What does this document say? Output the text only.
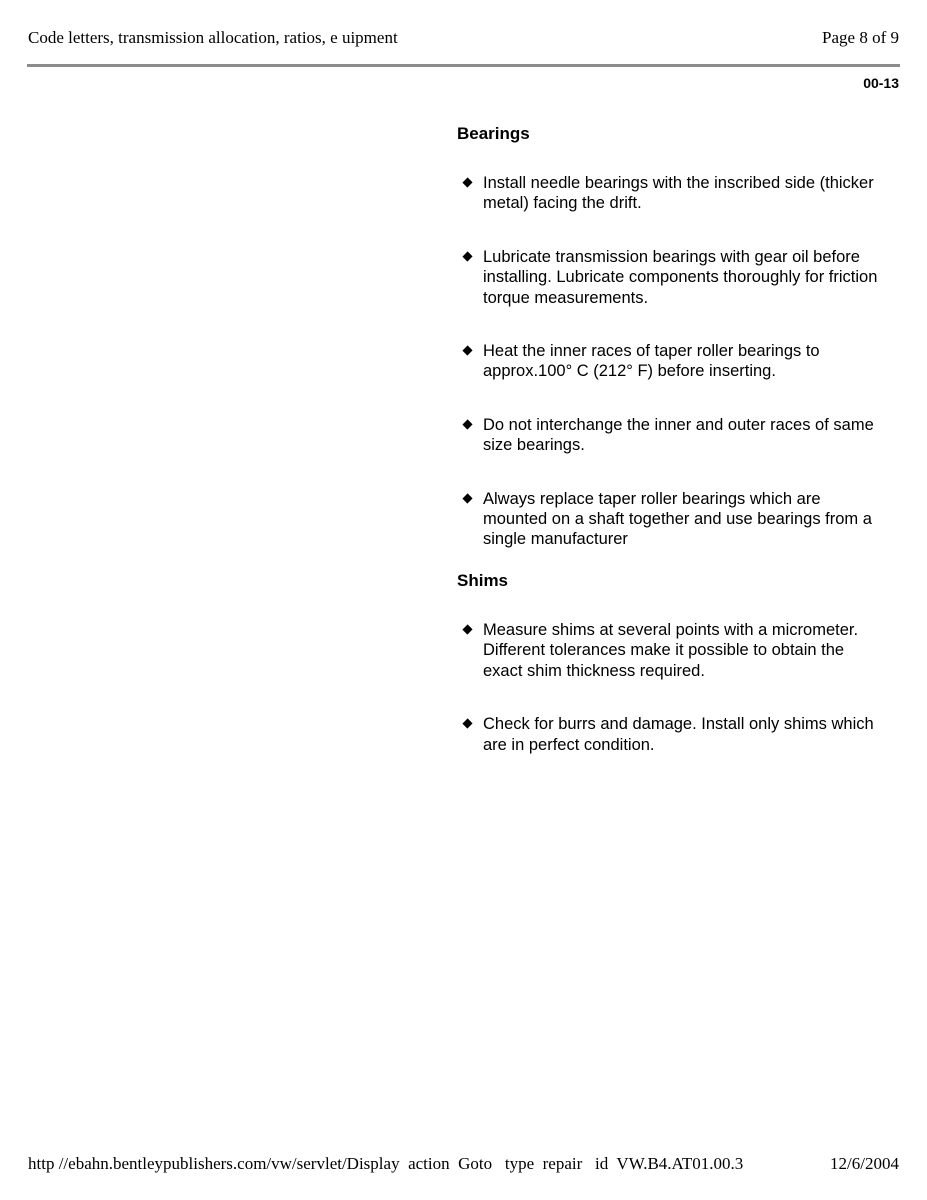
Code letters, transmission allocation, ratios, e uipment	Page 8 of 9
00-13
Bearings
Install needle bearings with the inscribed side (thicker metal) facing the drift.
Lubricate transmission bearings with gear oil before installing. Lubricate components thoroughly for friction torque measurements.
Heat the inner races of taper roller bearings to approx.100° C (212° F) before inserting.
Do not interchange the inner and outer races of same size bearings.
Always replace taper roller bearings which are mounted on a shaft together and use bearings from a single manufacturer
Shims
Measure shims at several points with a micrometer. Different tolerances make it possible to obtain the exact shim thickness required.
Check for burrs and damage. Install only shims which are in perfect condition.
http //ebahn.bentleypublishers.com/vw/servlet/Display  action  Goto   type  repair   id  VW.B4.AT01.00.3	12/6/2004
